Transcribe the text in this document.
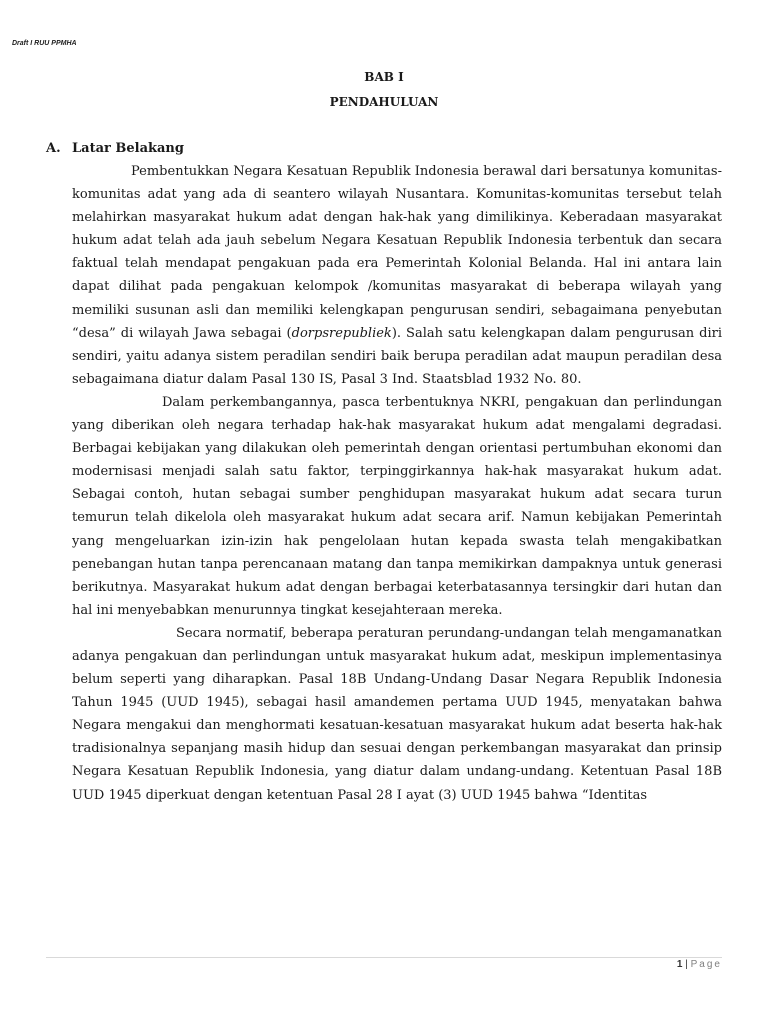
Draft I RUU PPMHA
BAB I
PENDAHULUAN
A. Latar Belakang

Pembentukkan Negara Kesatuan Republik Indonesia berawal dari bersatunya komunitas-komunitas adat yang ada di seantero wilayah Nusantara. Komunitas-komunitas tersebut telah melahirkan masyarakat hukum adat dengan hak-hak yang dimilikinya. Keberadaan masyarakat hukum adat telah ada jauh sebelum Negara Kesatuan Republik Indonesia terbentuk dan secara faktual telah mendapat pengakuan pada era Pemerintah Kolonial Belanda. Hal ini antara lain dapat dilihat pada pengakuan kelompok /komunitas masyarakat di beberapa wilayah yang memiliki susunan asli dan memiliki kelengkapan pengurusan sendiri, sebagaimana penyebutan “desa” di wilayah Jawa sebagai (dorpsrepubliek). Salah satu kelengkapan dalam pengurusan diri sendiri, yaitu adanya sistem peradilan sendiri baik berupa peradilan adat maupun peradilan desa sebagaimana diatur dalam Pasal 130 IS, Pasal 3 Ind. Staatsblad 1932 No. 80.

Dalam perkembangannya, pasca terbentuknya NKRI, pengakuan dan perlindungan yang diberikan oleh negara terhadap hak-hak masyarakat hukum adat mengalami degradasi. Berbagai kebijakan yang dilakukan oleh pemerintah dengan orientasi pertumbuhan ekonomi dan modernisasi menjadi salah satu faktor, terpinggirkannya hak-hak masyarakat hukum adat. Sebagai contoh, hutan sebagai sumber penghidupan masyarakat hukum adat secara turun temurun telah dikelola oleh masyarakat hukum adat secara arif. Namun kebijakan Pemerintah yang mengeluarkan izin-izin hak pengelolaan hutan kepada swasta telah mengakibatkan penebangan hutan tanpa perencanaan matang dan tanpa memikirkan dampaknya untuk generasi berikutnya. Masyarakat hukum adat dengan berbagai keterbatasannya tersingkir dari hutan dan hal ini menyebabkan menurunnya tingkat kesejahteraan mereka.

Secara normatif, beberapa peraturan perundang-undangan telah mengamanatkan adanya pengakuan dan perlindungan untuk masyarakat hukum adat, meskipun implementasinya belum seperti yang diharapkan. Pasal 18B Undang-Undang Dasar Negara Republik Indonesia Tahun 1945 (UUD 1945), sebagai hasil amandemen pertama UUD 1945, menyatakan bahwa Negara mengakui dan menghormati kesatuan-kesatuan masyarakat hukum adat beserta hak-hak tradisionalnya sepanjang masih hidup dan sesuai dengan perkembangan masyarakat dan prinsip Negara Kesatuan Republik Indonesia, yang diatur dalam undang-undang. Ketentuan Pasal 18B UUD 1945 diperkuat dengan ketentuan Pasal 28 I ayat (3) UUD 1945 bahwa “Identitas

1 | Page
